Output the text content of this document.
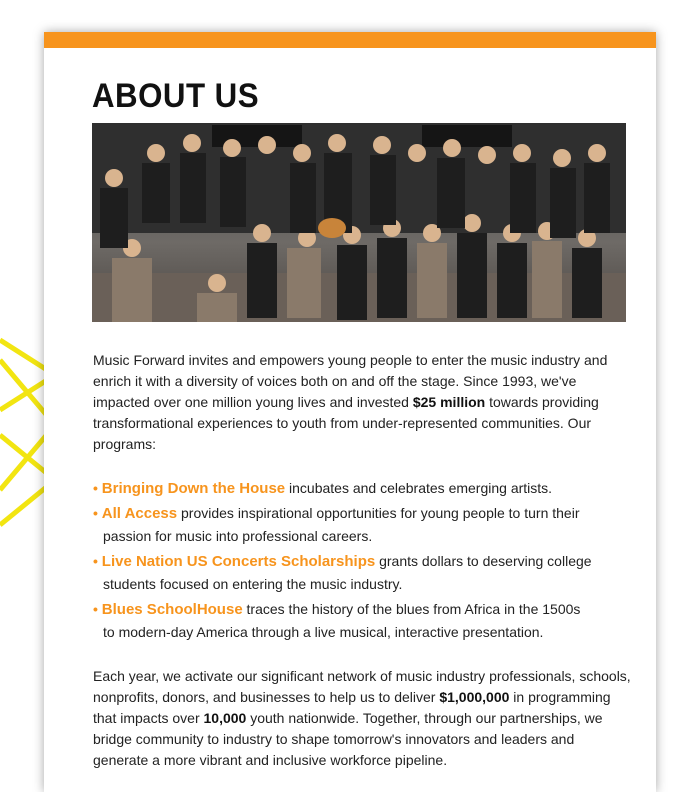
ABOUT US

Music Forward invites and empowers young people to enter the music industry and enrich it with a diversity of voices both on and off the stage. Since 1993, we've impacted over one million young lives and invested $25 million towards providing transformational experiences to youth from under-represented communities. Our programs:

• Bringing Down the House incubates and celebrates emerging artists.
• All Access provides inspirational opportunities for young people to turn their
passion for music into professional careers.
• Live Nation US Concerts Scholarships grants dollars to deserving college
students focused on entering the music industry.
• Blues SchoolHouse traces the history of the blues from Africa in the 1500s
to modern-day America through a live musical, interactive presentation.

Each year, we activate our significant network of music industry professionals, schools, nonprofits, donors, and businesses to help us to deliver $1,000,000 in programming that impacts over 10,000 youth nationwide. Together, through our partnerships, we bridge community to industry to shape tomorrow's innovators and leaders and generate a more vibrant and inclusive workforce pipeline.
